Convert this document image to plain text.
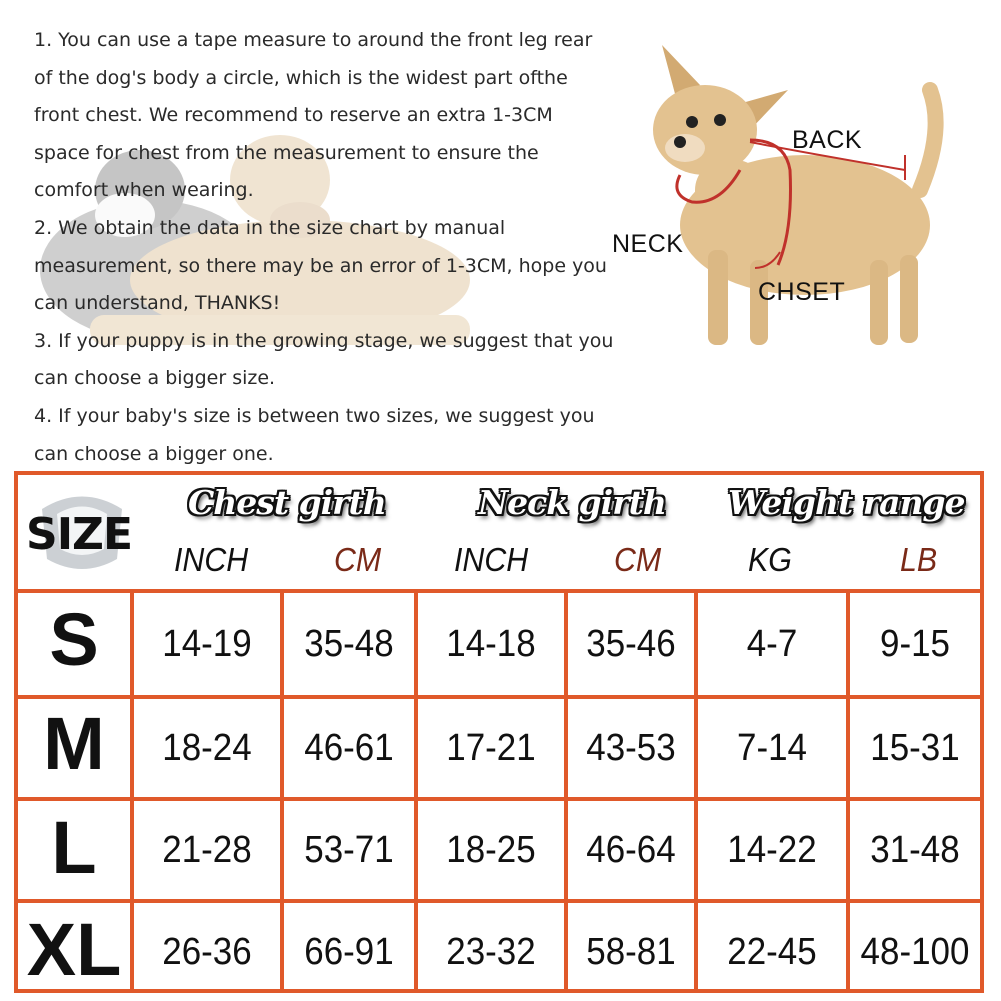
1. You can use a tape measure to around the front leg rear of the dog's body a circle, which is the widest part ofthe front chest. We recommend to reserve an extra 1-3CM space for chest from the measurement to ensure the comfort when wearing.

2. We obtain the data in the size chart by manual measurement, so there may be an error of 1-3CM, hope you can understand, THANKS!

3. If your puppy is in the growing stage, we suggest that you can choose a bigger size.

4. If your baby's size is between two sizes, we suggest you can choose a bigger one.

BACK
NECK
CHSET
SIZE
Chest girth	Neck girth Weight range
INCH	CM INCH	CM	KG	LB
S	14-19	35-48	14-18	35-46	4-7	9-15
M	18-24	46-61	17-21	43-53	7-14	15-31
L	21-28	53-71	18-25	46-64	14-22	31-48
XL	26-36	66-91	23-32	58-81	22-45	48-100
